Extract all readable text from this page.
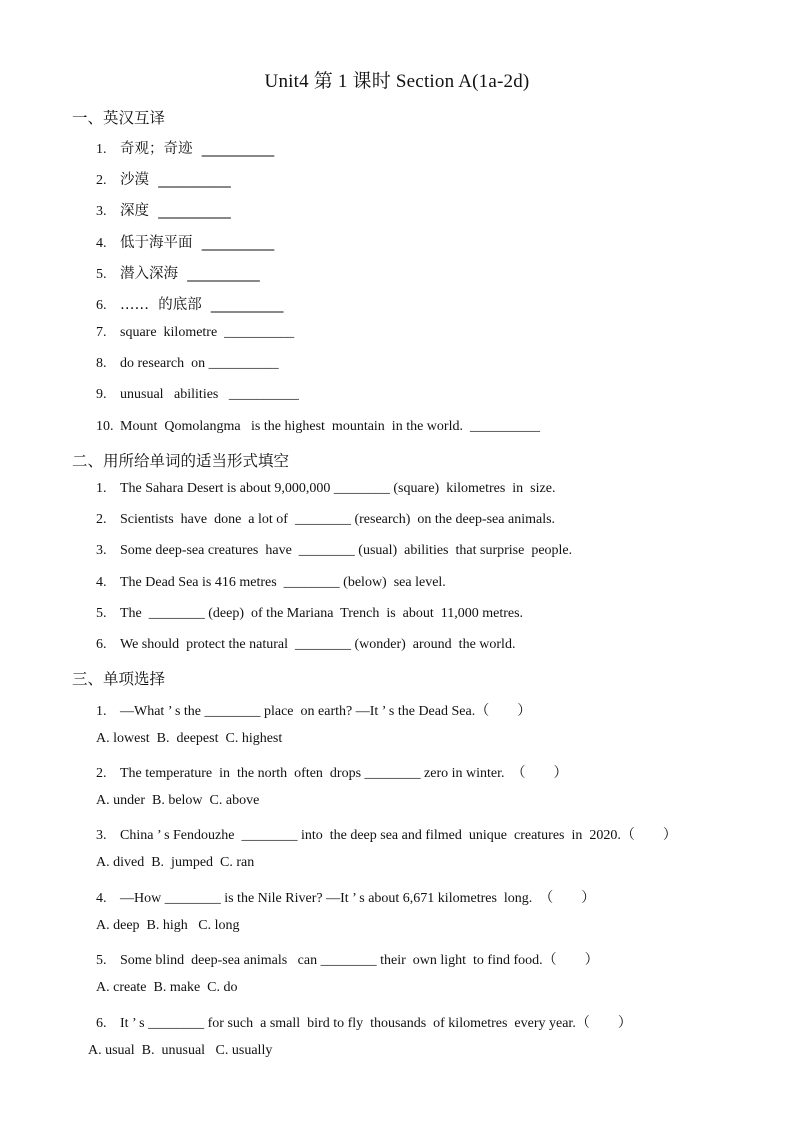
Unit4 第 1 课时 Section A(1a-2d)
一、英汉互译
1. 奇观；奇迹  __________
2. 沙漠  __________
3. 深度  __________
4. 低于海平面  __________
5. 潜入深海  __________
6. ……  的底部  __________
7. square  kilometre  __________
8. do research  on __________
9. unusual   abilities   __________
10. Mount  Qomolangma   is the highest  mountain  in the world.  __________
二、用所给单词的适当形式填空
1. The Sahara Desert is about 9,000,000 ________ (square)  kilometres  in  size.
2. Scientists  have  done  a lot of  ________ (research)  on the deep-sea animals.
3. Some deep-sea creatures  have  ________ (usual)  abilities  that surprise  people.
4. The Dead Sea is 416 metres  ________ (below)  sea level.
5. The  ________ (deep)  of the Mariana  Trench  is  about  11,000 metres.
6. We should  protect the natural  ________ (wonder)  around  the world.
三、单项选择
1. —What ’ s the ________ place  on earth? —It ’ s the Dead Sea.（        ）
A. lowest  B.  deepest  C. highest
2. The temperature  in  the north  often  drops ________ zero in winter.  （        ）
A. under  B. below  C. above
3. China ’ s Fendouzhe  ________ into  the deep sea and filmed  unique  creatures  in  2020.（        ）
A. dived  B.  jumped  C. ran
4. —How ________ is the Nile River? —It ’ s about 6,671 kilometres  long.  （        ）
A. deep  B. high   C. long
5. Some blind  deep-sea animals   can ________ their  own light  to find food.（        ）
A. create  B. make  C. do
6. It ’ s ________ for such  a small  bird to fly  thousands  of kilometres  every year.（        ）
A. usual  B.  unusual   C. usually
